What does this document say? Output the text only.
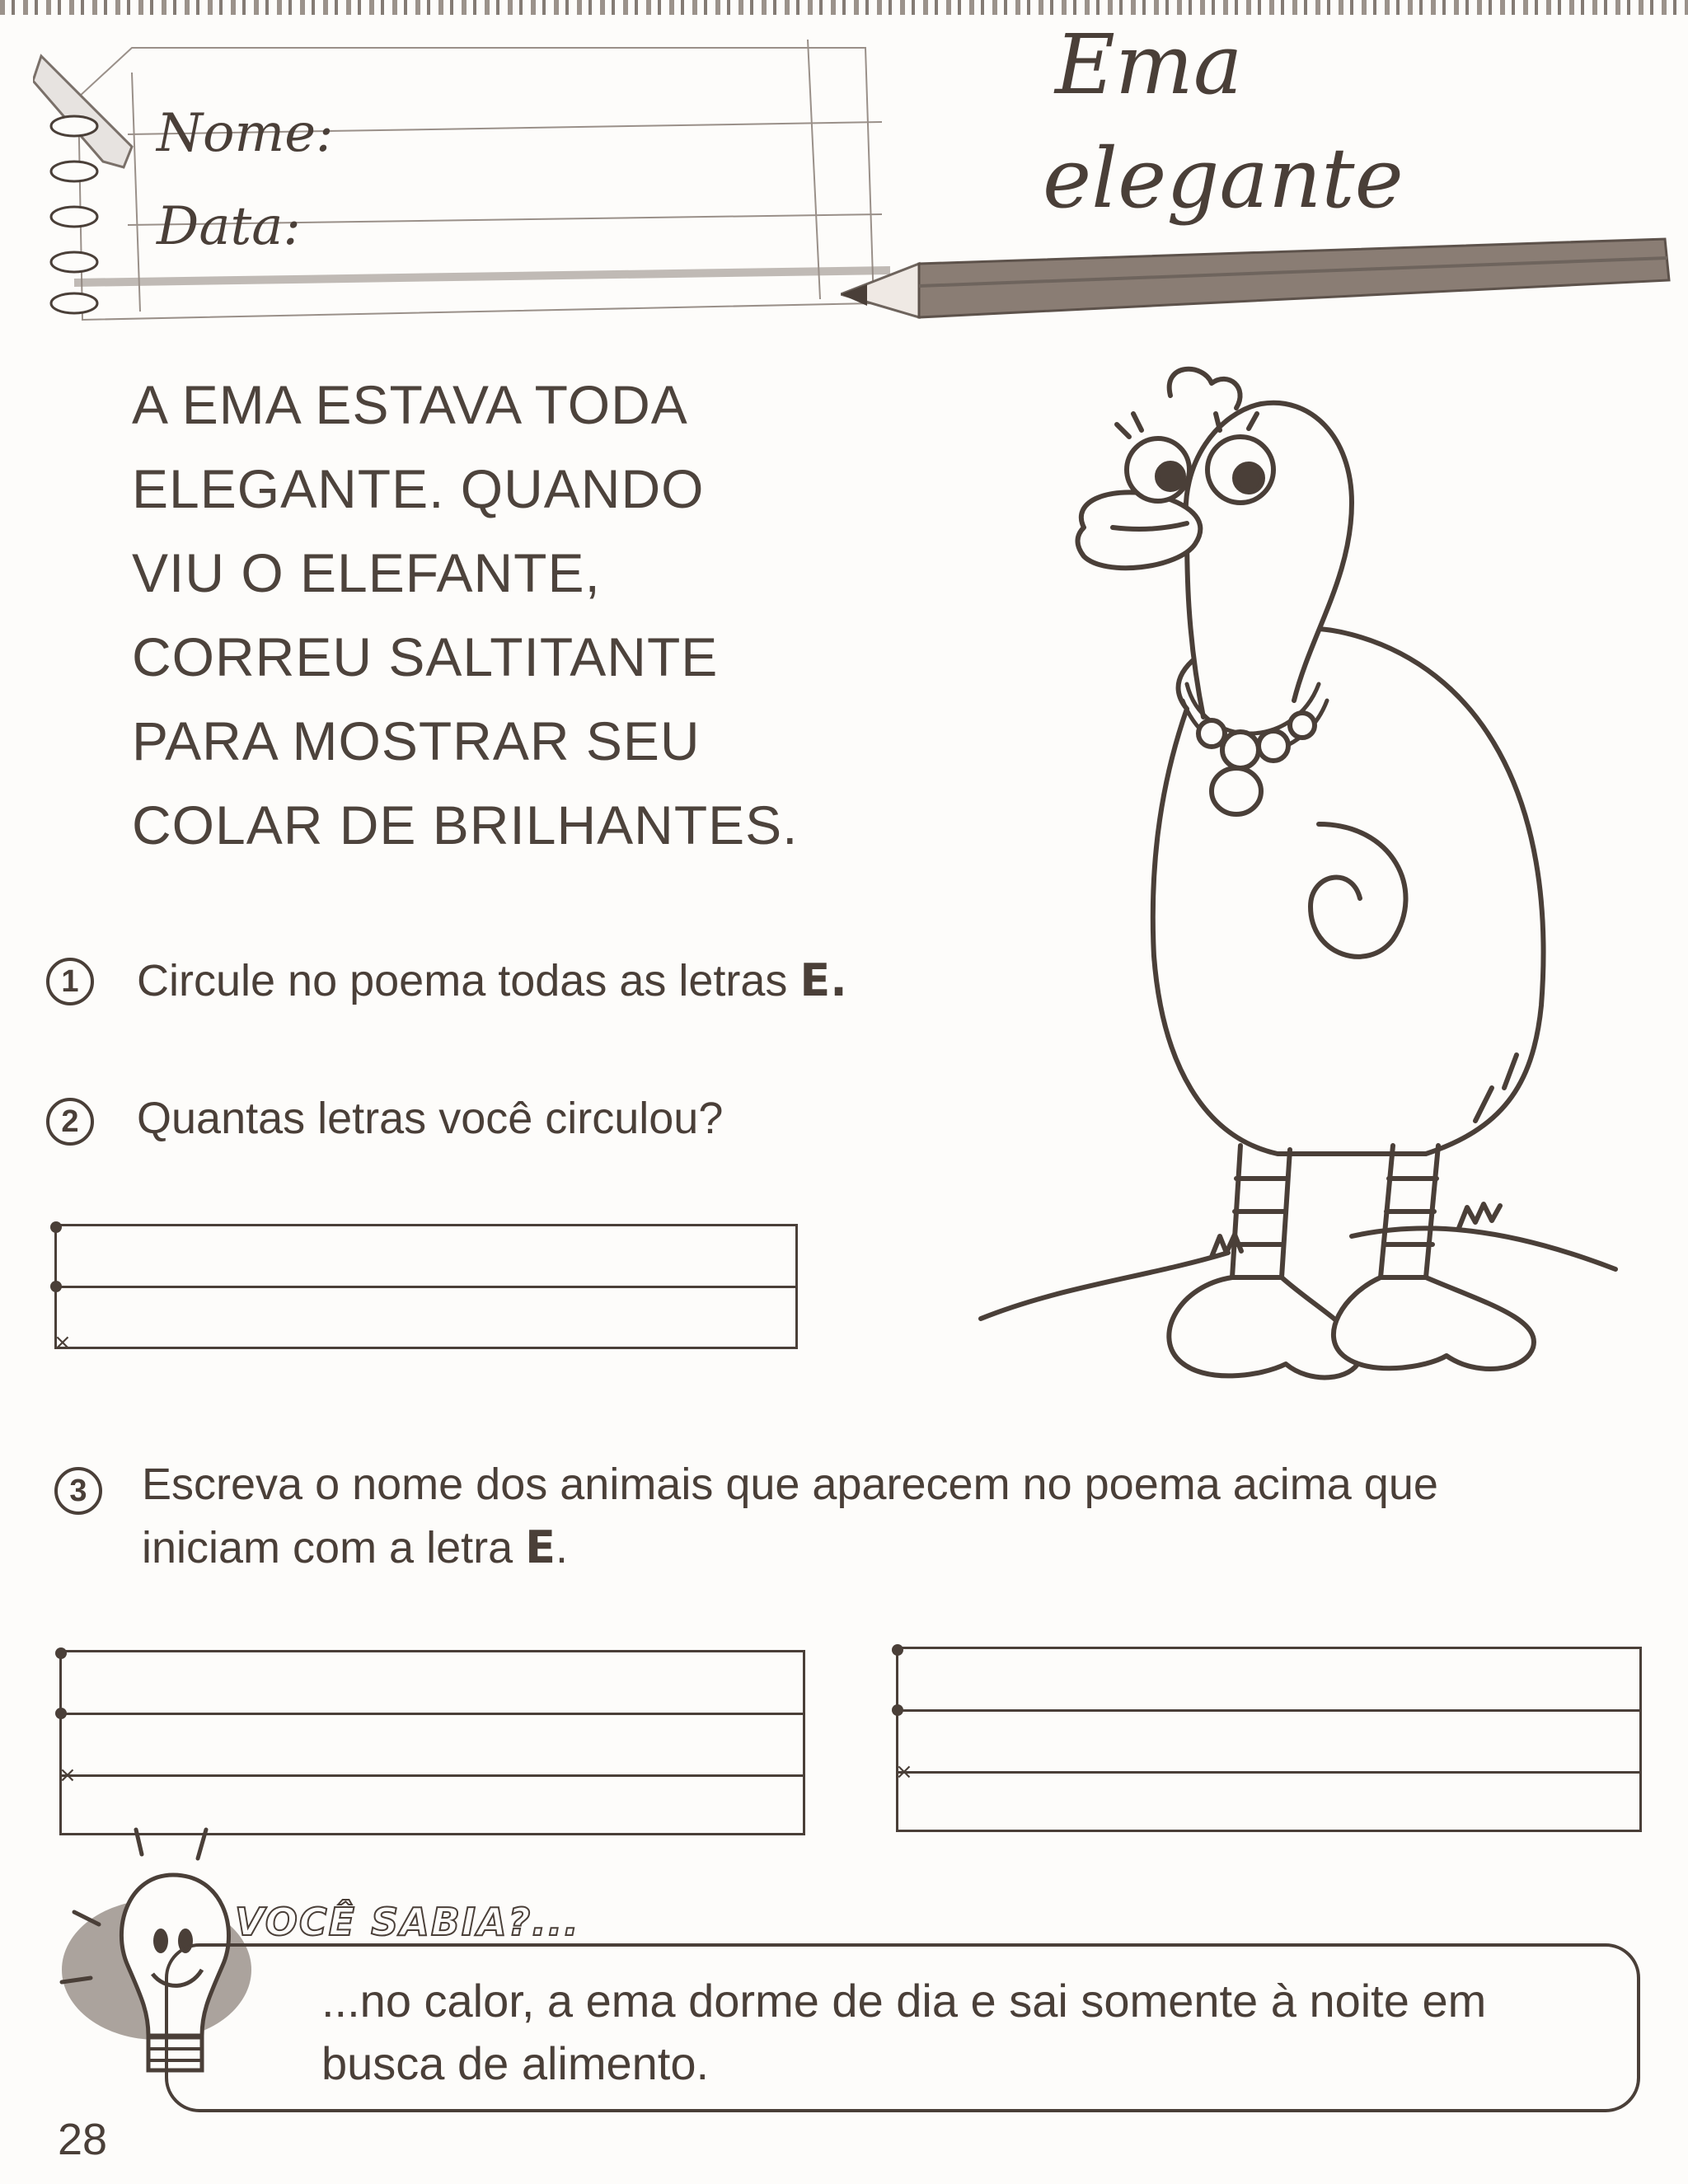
Nome:
Data:
Ema
elegante
A EMA ESTAVA TODA
ELEGANTE. QUANDO
VIU O ELEFANTE,
CORREU SALTITANTE
PARA MOSTRAR SEU
COLAR DE BRILHANTES.
1	Circule no poema todas as letras E.
2	Quantas letras você circulou?
×
3	Escreva o nome dos animais que aparecem no poema acima que
iniciam com a letra E.
×	×
VOCÊ SABIA?...
...no calor, a ema dorme de dia e sai somente à noite em
busca de alimento.
28
